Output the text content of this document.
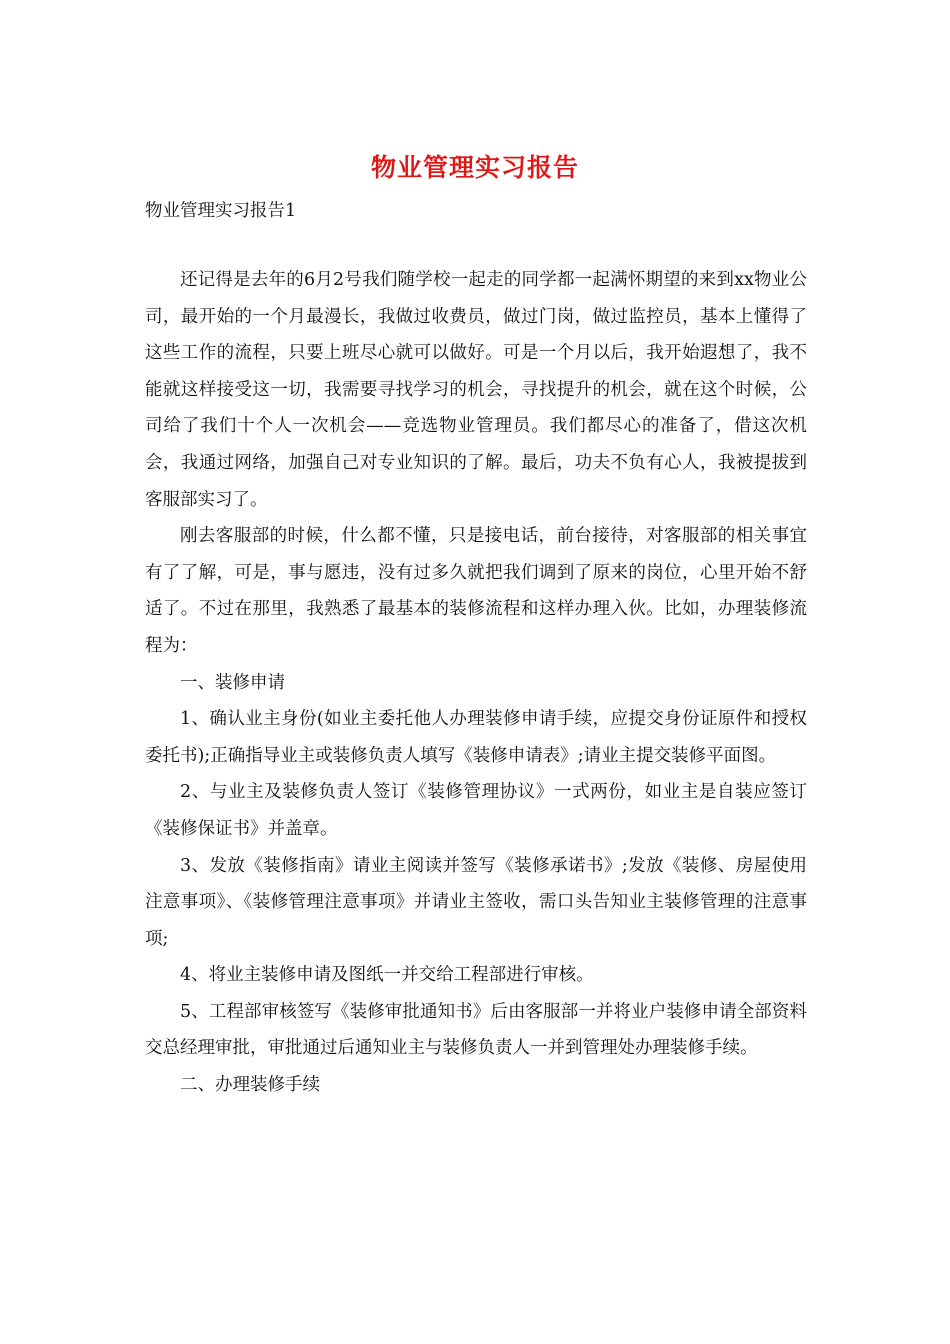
物业管理实习报告
物业管理实习报告1

还记得是去年的6月2号我们随学校一起走的同学都一起满怀期望的来到xx物业公司，最开始的一个月最漫长，我做过收费员，做过门岗，做过监控员，基本上懂得了这些工作的流程，只要上班尽心就可以做好。可是一个月以后，我开始遐想了，我不能就这样接受这一切，我需要寻找学习的机会，寻找提升的机会，就在这个时候，公司给了我们十个人一次机会——竞选物业管理员。我们都尽心的准备了，借这次机会，我通过网络，加强自己对专业知识的了解。最后，功夫不负有心人，我被提拔到客服部实习了。

刚去客服部的时候，什么都不懂，只是接电话，前台接待，对客服部的相关事宜有了了解，可是，事与愿违，没有过多久就把我们调到了原来的岗位，心里开始不舒适了。不过在那里，我熟悉了最基本的装修流程和这样办理入伙。比如，办理装修流程为：

一、装修申请

1、确认业主身份(如业主委托他人办理装修申请手续，应提交身份证原件和授权委托书);正确指导业主或装修负责人填写《装修申请表》;请业主提交装修平面图。

2、与业主及装修负责人签订《装修管理协议》一式两份，如业主是自装应签订《装修保证书》并盖章。

3、发放《装修指南》请业主阅读并签写《装修承诺书》;发放《装修、房屋使用注意事项》、《装修管理注意事项》并请业主签收，需口头告知业主装修管理的注意事项;

4、将业主装修申请及图纸一并交给工程部进行审核。

5、工程部审核签写《装修审批通知书》后由客服部一并将业户装修申请全部资料交总经理审批，审批通过后通知业主与装修负责人一并到管理处办理装修手续。

二、办理装修手续
